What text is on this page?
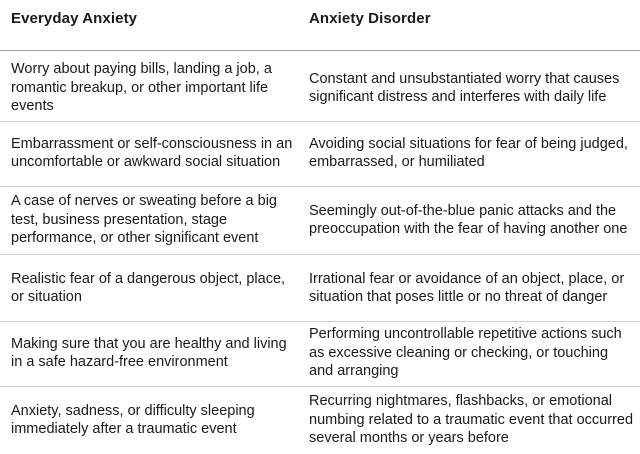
Everyday Anxiety	Anxiety Disorder
Worry about paying bills, landing a job, a romantic breakup, or other important life events
Constant and unsubstantiated worry that causes significant distress and interferes with daily life
Embarrassment or self-consciousness in an uncomfortable or awkward social situation
Avoiding social situations for fear of being judged, embarrassed, or humiliated
A case of nerves or sweating before a big test, business presentation, stage performance, or other significant event
Seemingly out-of-the-blue panic attacks and the preoccupation with the fear of having another one
Realistic fear of a dangerous object, place, or situation
Irrational fear or avoidance of an object, place, or situation that poses little or no threat of danger
Making sure that you are healthy and living in a safe hazard-free environment
Performing uncontrollable repetitive actions such as excessive cleaning or checking, or touching and arranging
Anxiety, sadness, or difficulty sleeping immediately after a traumatic event
Recurring nightmares, flashbacks, or emotional numbing related to a traumatic event that occurred several months or years before
